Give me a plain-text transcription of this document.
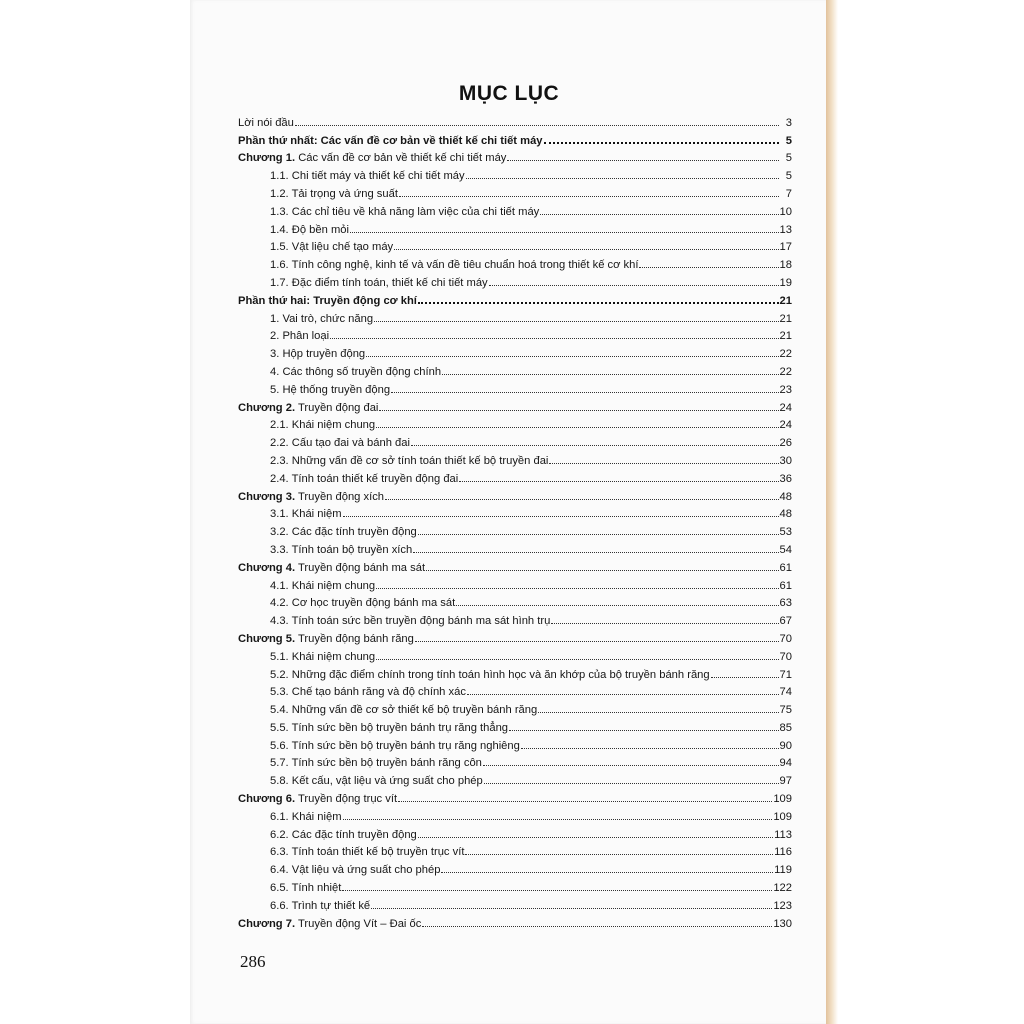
MỤC LỤC
Lời nói đầu	3
Phần thứ nhất: Các vấn đề cơ bản về thiết kế chi tiết máy	5
Chương 1. Các vấn đề cơ bản về thiết kế chi tiết máy	5
1.1. Chi tiết máy và thiết kế chi tiết máy	5
1.2. Tải trọng và ứng suất	7
1.3. Các chỉ tiêu về khả năng làm việc của chi tiết máy	10
1.4. Độ bền mỏi	13
1.5. Vật liệu chế tạo máy	17
1.6. Tính công nghệ, kinh tế và vấn đề tiêu chuẩn hoá trong thiết kế cơ khí	18
1.7. Đặc điểm tính toán, thiết kế chi tiết máy	19
Phần thứ hai: Truyền động cơ khí	21
1. Vai trò, chức năng	21
2. Phân loại	21
3. Hộp truyền động	22
4. Các thông số truyền động chính	22
5. Hệ thống truyền động	23
Chương 2. Truyền động đai	24
2.1. Khái niệm chung	24
2.2. Cấu tạo đai và bánh đai	26
2.3. Những vấn đề cơ sở tính toán thiết kế bộ truyền đai	30
2.4. Tính toán thiết kế truyền động đai	36
Chương 3. Truyền động xích	48
3.1. Khái niệm	48
3.2. Các đặc tính truyền động	53
3.3. Tính toán bộ truyền xích	54
Chương 4. Truyền động bánh ma sát	61
4.1. Khái niệm chung	61
4.2. Cơ học truyền động bánh ma sát	63
4.3. Tính toán sức bền truyền động bánh ma sát hình trụ	67
Chương 5. Truyền động bánh răng	70
5.1. Khái niệm chung	70
5.2. Những đặc điểm chính trong tính toán hình học và ăn khớp của bộ truyền bánh răng	71
5.3. Chế tạo bánh răng và độ chính xác	74
5.4. Những vấn đề cơ sở thiết kế bộ truyền bánh răng	75
5.5. Tính sức bền bộ truyền bánh trụ răng thẳng	85
5.6. Tính sức bền bộ truyền bánh trụ răng nghiêng	90
5.7. Tính sức bền bộ truyền bánh răng côn	94
5.8. Kết cấu, vật liệu và ứng suất cho phép	97
Chương 6. Truyền động trục vít	109
6.1. Khái niệm	109
6.2. Các đặc tính truyền động	113
6.3. Tính toán thiết kế bộ truyền trục vít	116
6.4. Vật liệu và ứng suất cho phép	119
6.5. Tính nhiệt	122
6.6. Trình tự thiết kế	123
Chương 7. Truyền động Vít – Đai ốc	130
286
